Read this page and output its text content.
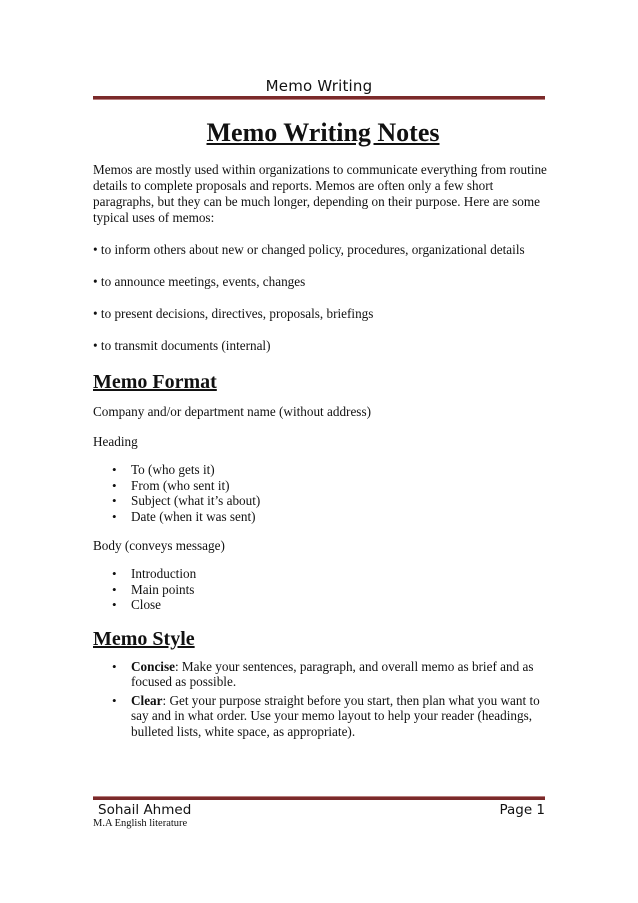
Memo Writing
Memo Writing Notes

Memos are mostly used within organizations to communicate everything from routine details to complete proposals and reports. Memos are often only a few short paragraphs, but they can be much longer, depending on their purpose. Here are some typical uses of memos:

• to inform others about new or changed policy, procedures, organizational details

• to announce meetings, events, changes

• to present decisions, directives, proposals, briefings

• to transmit documents (internal)

Memo Format

Company and/or department name (without address)

Heading

• To (who gets it)
• From (who sent it)
• Subject (what it’s about)
• Date (when it was sent)

Body (conveys message)

• Introduction
• Main points
• Close
Memo Style
• Concise: Make your sentences, paragraph, and overall memo as brief and as focused as possible.
• Clear: Get your purpose straight before you start, then plan what you want to say and in what order. Use your memo layout to help your reader (headings, bulleted lists, white space, as appropriate).
Sohail Ahmed	Page 1
M.A English literature
